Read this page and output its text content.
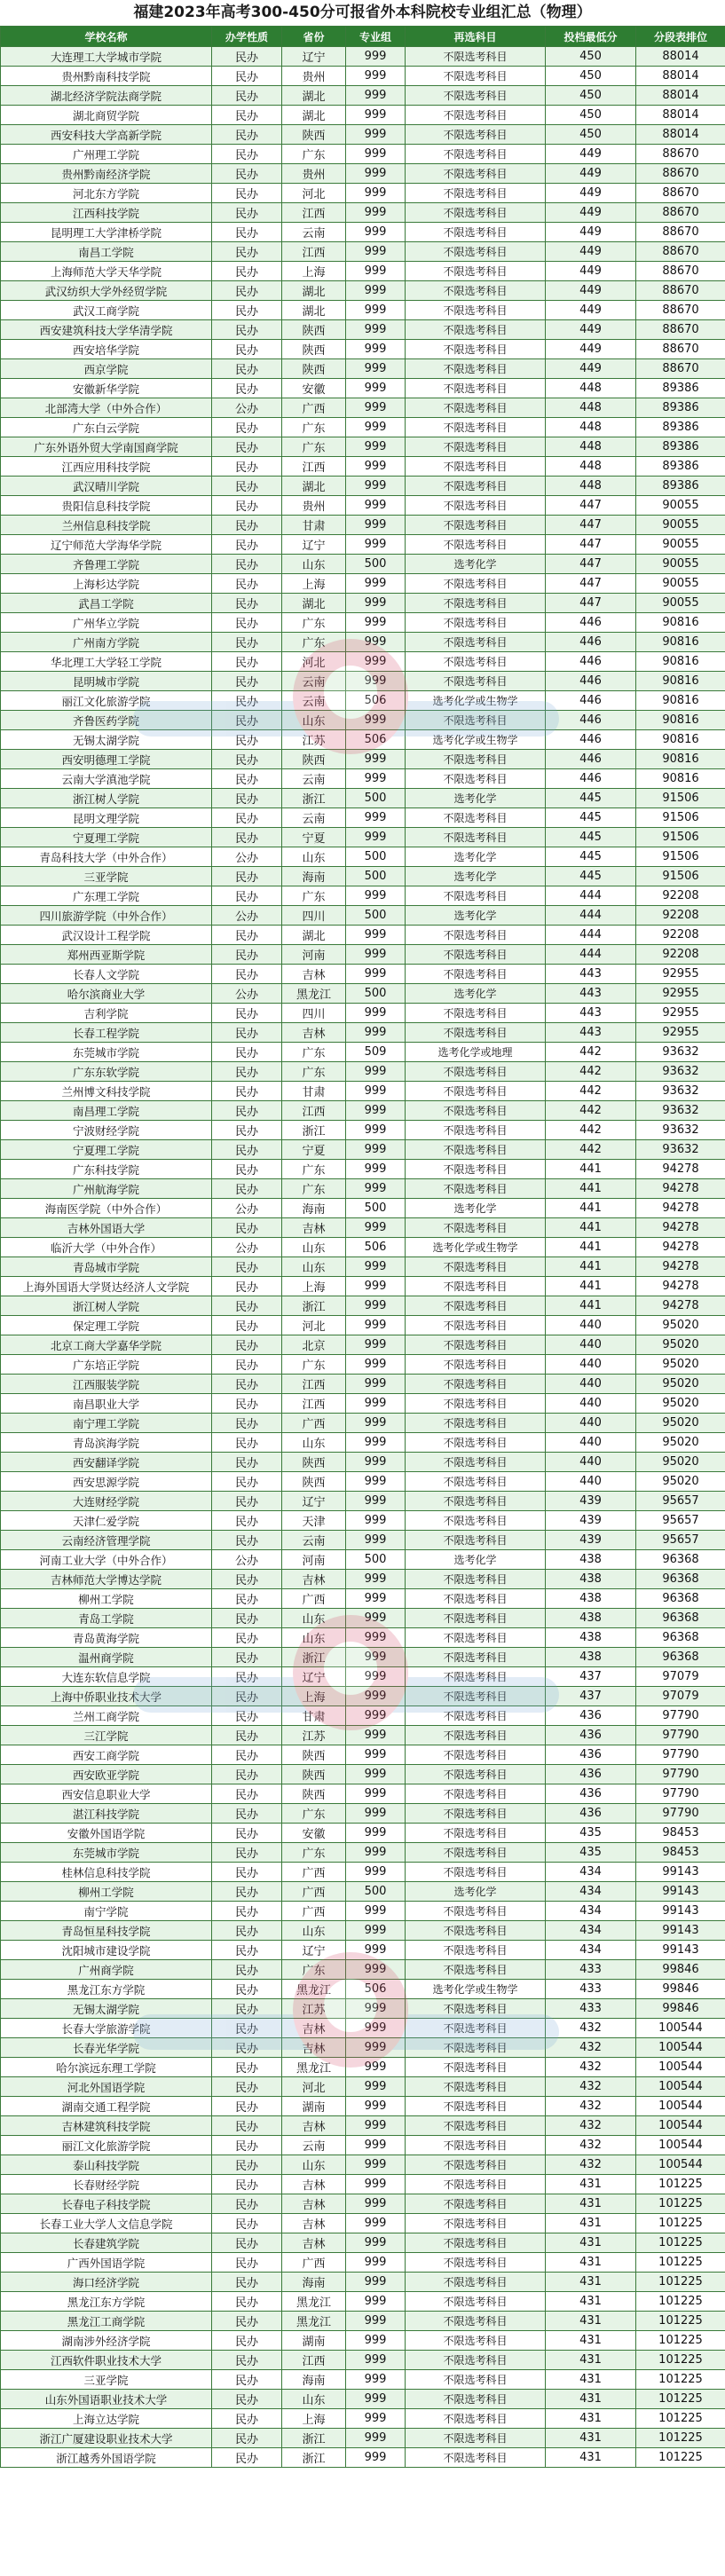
福建2023年高考300-450分可报省外本科院校专业组汇总（物理）
学校名称	办学性质	省份	专业组	再选科目	投档最低分	分段表排位
大连理工大学城市学院	民办	辽宁	999	不限选考科目	450	88014
贵州黔南科技学院	民办	贵州	999	不限选考科目	450	88014
湖北经济学院法商学院	民办	湖北	999	不限选考科目	450	88014
湖北商贸学院	民办	湖北	999	不限选考科目	450	88014
西安科技大学高新学院	民办	陕西	999	不限选考科目	450	88014
广州理工学院	民办	广东	999	不限选考科目	449	88670
贵州黔南经济学院	民办	贵州	999	不限选考科目	449	88670
河北东方学院	民办	河北	999	不限选考科目	449	88670
江西科技学院	民办	江西	999	不限选考科目	449	88670
昆明理工大学津桥学院	民办	云南	999	不限选考科目	449	88670
南昌工学院	民办	江西	999	不限选考科目	449	88670
上海师范大学天华学院	民办	上海	999	不限选考科目	449	88670
武汉纺织大学外经贸学院	民办	湖北	999	不限选考科目	449	88670
武汉工商学院	民办	湖北	999	不限选考科目	449	88670
西安建筑科技大学华清学院	民办	陕西	999	不限选考科目	449	88670
西安培华学院	民办	陕西	999	不限选考科目	449	88670
西京学院	民办	陕西	999	不限选考科目	449	88670
安徽新华学院	民办	安徽	999	不限选考科目	448	89386
北部湾大学（中外合作）	公办	广西	999	不限选考科目	448	89386
广东白云学院	民办	广东	999	不限选考科目	448	89386
广东外语外贸大学南国商学院	民办	广东	999	不限选考科目	448	89386
江西应用科技学院	民办	江西	999	不限选考科目	448	89386
武汉晴川学院	民办	湖北	999	不限选考科目	448	89386
贵阳信息科技学院	民办	贵州	999	不限选考科目	447	90055
兰州信息科技学院	民办	甘肃	999	不限选考科目	447	90055
辽宁师范大学海华学院	民办	辽宁	999	不限选考科目	447	90055
齐鲁理工学院	民办	山东	500	选考化学	447	90055
上海杉达学院	民办	上海	999	不限选考科目	447	90055
武昌工学院	民办	湖北	999	不限选考科目	447	90055
广州华立学院	民办	广东	999	不限选考科目	446	90816
广州南方学院	民办	广东	999	不限选考科目	446	90816
华北理工大学轻工学院	民办	河北	999	不限选考科目	446	90816
昆明城市学院	民办	云南	999	不限选考科目	446	90816
丽江文化旅游学院	民办	云南	506	选考化学或生物学	446	90816
齐鲁医药学院	民办	山东	999	不限选考科目	446	90816
无锡太湖学院	民办	江苏	506	选考化学或生物学	446	90816
西安明德理工学院	民办	陕西	999	不限选考科目	446	90816
云南大学滇池学院	民办	云南	999	不限选考科目	446	90816
浙江树人学院	民办	浙江	500	选考化学	445	91506
昆明文理学院	民办	云南	999	不限选考科目	445	91506
宁夏理工学院	民办	宁夏	999	不限选考科目	445	91506
青岛科技大学（中外合作）	公办	山东	500	选考化学	445	91506
三亚学院	民办	海南	500	选考化学	445	91506
广东理工学院	民办	广东	999	不限选考科目	444	92208
四川旅游学院（中外合作）	公办	四川	500	选考化学	444	92208
武汉设计工程学院	民办	湖北	999	不限选考科目	444	92208
郑州西亚斯学院	民办	河南	999	不限选考科目	444	92208
长春人文学院	民办	吉林	999	不限选考科目	443	92955
哈尔滨商业大学	公办	黑龙江	500	选考化学	443	92955
吉利学院	民办	四川	999	不限选考科目	443	92955
长春工程学院	民办	吉林	999	不限选考科目	443	92955
东莞城市学院	民办	广东	509	选考化学或地理	442	93632
广东东软学院	民办	广东	999	不限选考科目	442	93632
兰州博文科技学院	民办	甘肃	999	不限选考科目	442	93632
南昌理工学院	民办	江西	999	不限选考科目	442	93632
宁波财经学院	民办	浙江	999	不限选考科目	442	93632
宁夏理工学院	民办	宁夏	999	不限选考科目	442	93632
广东科技学院	民办	广东	999	不限选考科目	441	94278
广州航海学院	民办	广东	999	不限选考科目	441	94278
海南医学院（中外合作）	公办	海南	500	选考化学	441	94278
吉林外国语大学	民办	吉林	999	不限选考科目	441	94278
临沂大学（中外合作）	公办	山东	506	选考化学或生物学	441	94278
青岛城市学院	民办	山东	999	不限选考科目	441	94278
上海外国语大学贤达经济人文学院	民办	上海	999	不限选考科目	441	94278
浙江树人学院	民办	浙江	999	不限选考科目	441	94278
保定理工学院	民办	河北	999	不限选考科目	440	95020
北京工商大学嘉华学院	民办	北京	999	不限选考科目	440	95020
广东培正学院	民办	广东	999	不限选考科目	440	95020
江西服装学院	民办	江西	999	不限选考科目	440	95020
南昌职业大学	民办	江西	999	不限选考科目	440	95020
南宁理工学院	民办	广西	999	不限选考科目	440	95020
青岛滨海学院	民办	山东	999	不限选考科目	440	95020
西安翻译学院	民办	陕西	999	不限选考科目	440	95020
西安思源学院	民办	陕西	999	不限选考科目	440	95020
大连财经学院	民办	辽宁	999	不限选考科目	439	95657
天津仁爱学院	民办	天津	999	不限选考科目	439	95657
云南经济管理学院	民办	云南	999	不限选考科目	439	95657
河南工业大学（中外合作）	公办	河南	500	选考化学	438	96368
吉林师范大学博达学院	民办	吉林	999	不限选考科目	438	96368
柳州工学院	民办	广西	999	不限选考科目	438	96368
青岛工学院	民办	山东	999	不限选考科目	438	96368
青岛黄海学院	民办	山东	999	不限选考科目	438	96368
温州商学院	民办	浙江	999	不限选考科目	438	96368
大连东软信息学院	民办	辽宁	999	不限选考科目	437	97079
上海中侨职业技术大学	民办	上海	999	不限选考科目	437	97079
兰州工商学院	民办	甘肃	999	不限选考科目	436	97790
三江学院	民办	江苏	999	不限选考科目	436	97790
西安工商学院	民办	陕西	999	不限选考科目	436	97790
西安欧亚学院	民办	陕西	999	不限选考科目	436	97790
西安信息职业大学	民办	陕西	999	不限选考科目	436	97790
湛江科技学院	民办	广东	999	不限选考科目	436	97790
安徽外国语学院	民办	安徽	999	不限选考科目	435	98453
东莞城市学院	民办	广东	999	不限选考科目	435	98453
桂林信息科技学院	民办	广西	999	不限选考科目	434	99143
柳州工学院	民办	广西	500	选考化学	434	99143
南宁学院	民办	广西	999	不限选考科目	434	99143
青岛恒星科技学院	民办	山东	999	不限选考科目	434	99143
沈阳城市建设学院	民办	辽宁	999	不限选考科目	434	99143
广州商学院	民办	广东	999	不限选考科目	433	99846
黑龙江东方学院	民办	黑龙江	506	选考化学或生物学	433	99846
无锡太湖学院	民办	江苏	999	不限选考科目	433	99846
长春大学旅游学院	民办	吉林	999	不限选考科目	432	100544
长春光华学院	民办	吉林	999	不限选考科目	432	100544
哈尔滨远东理工学院	民办	黑龙江	999	不限选考科目	432	100544
河北外国语学院	民办	河北	999	不限选考科目	432	100544
湖南交通工程学院	民办	湖南	999	不限选考科目	432	100544
吉林建筑科技学院	民办	吉林	999	不限选考科目	432	100544
丽江文化旅游学院	民办	云南	999	不限选考科目	432	100544
泰山科技学院	民办	山东	999	不限选考科目	432	100544
长春财经学院	民办	吉林	999	不限选考科目	431	101225
长春电子科技学院	民办	吉林	999	不限选考科目	431	101225
长春工业大学人文信息学院	民办	吉林	999	不限选考科目	431	101225
长春建筑学院	民办	吉林	999	不限选考科目	431	101225
广西外国语学院	民办	广西	999	不限选考科目	431	101225
海口经济学院	民办	海南	999	不限选考科目	431	101225
黑龙江东方学院	民办	黑龙江	999	不限选考科目	431	101225
黑龙江工商学院	民办	黑龙江	999	不限选考科目	431	101225
湖南涉外经济学院	民办	湖南	999	不限选考科目	431	101225
江西软件职业技术大学	民办	江西	999	不限选考科目	431	101225
三亚学院	民办	海南	999	不限选考科目	431	101225
山东外国语职业技术大学	民办	山东	999	不限选考科目	431	101225
上海立达学院	民办	上海	999	不限选考科目	431	101225
浙江广厦建设职业技术大学	民办	浙江	999	不限选考科目	431	101225
浙江越秀外国语学院	民办	浙江	999	不限选考科目	431	101225
